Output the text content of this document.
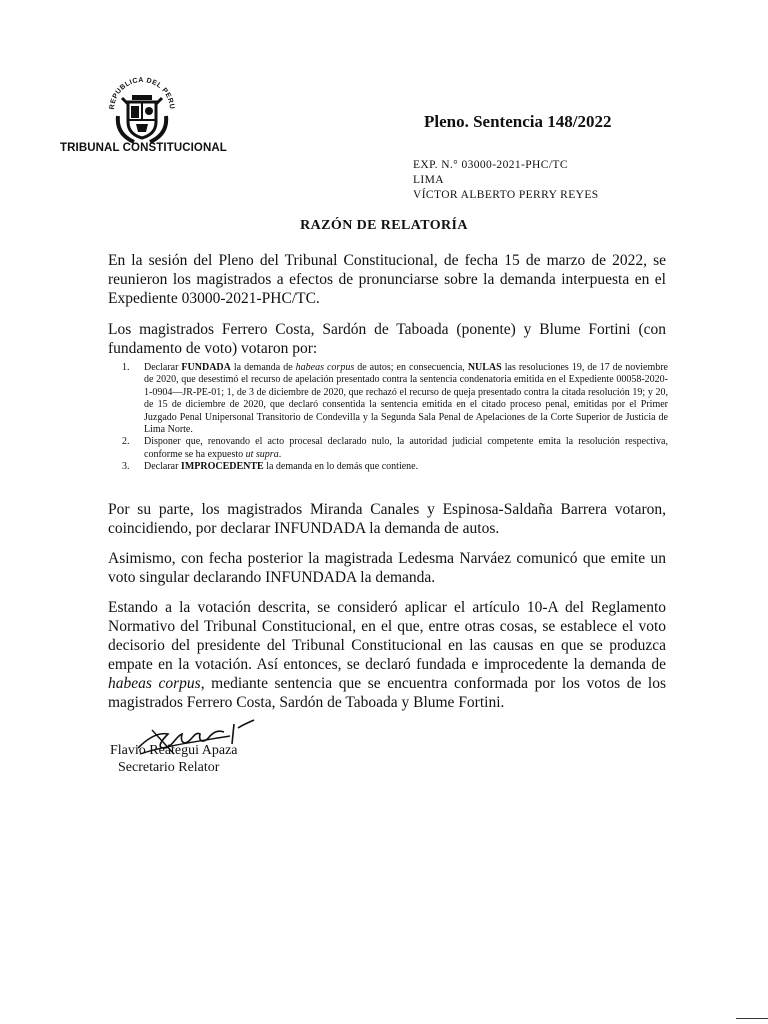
REPUBLICA DEL PERU
TRIBUNAL CONSTITUCIONAL
Pleno. Sentencia 148/2022
EXP. N.° 03000-2021-PHC/TC
LIMA
VÍCTOR ALBERTO PERRY REYES
RAZÓN DE RELATORÍA
En la sesión del Pleno del Tribunal Constitucional, de fecha 15 de marzo de 2022, se reunieron los magistrados a efectos de pronunciarse sobre la demanda interpuesta en el Expediente 03000-2021-PHC/TC.
Los magistrados Ferrero Costa, Sardón de Taboada (ponente) y Blume Fortini (con fundamento de voto) votaron por:
1.	Declarar FUNDADA la demanda de habeas corpus de autos; en consecuencia, NULAS las resoluciones 19, de 17 de noviembre de 2020, que desestimó el recurso de apelación presentado contra la sentencia condenatoria emitida en el Expediente 00058-2020-1-0904—JR-PE-01; 1, de 3 de diciembre de 2020, que rechazó el recurso de queja presentado contra la citada resolución 19; y 20, de 15 de diciembre de 2020, que declaró consentida la sentencia emitida en el citado proceso penal, emitidas por el Primer Juzgado Penal Unipersonal Transitorio de Condevilla y la Segunda Sala Penal de Apelaciones de la Corte Superior de Justicia de Lima Norte.
2.	Disponer que, renovando el acto procesal declarado nulo, la autoridad judicial competente emita la resolución respectiva, conforme se ha expuesto ut supra.
3.	Declarar IMPROCEDENTE la demanda en lo demás que contiene.
Por su parte, los magistrados Miranda Canales y Espinosa-Saldaña Barrera votaron, coincidiendo, por declarar INFUNDADA la demanda de autos.
Asimismo, con fecha posterior la magistrada Ledesma Narváez comunicó que emite un voto singular declarando INFUNDADA la demanda.
Estando a la votación descrita, se consideró aplicar el artículo 10-A del Reglamento Normativo del Tribunal Constitucional, en el que, entre otras cosas, se establece el voto decisorio del presidente del Tribunal Constitucional en las causas en que se produzca empate en la votación. Así entonces, se declaró fundada e improcedente la demanda de habeas corpus, mediante sentencia que se encuentra conformada por los votos de los magistrados Ferrero Costa, Sardón de Taboada y Blume Fortini.
Flavio Reátegui Apaza
Secretario Relator
